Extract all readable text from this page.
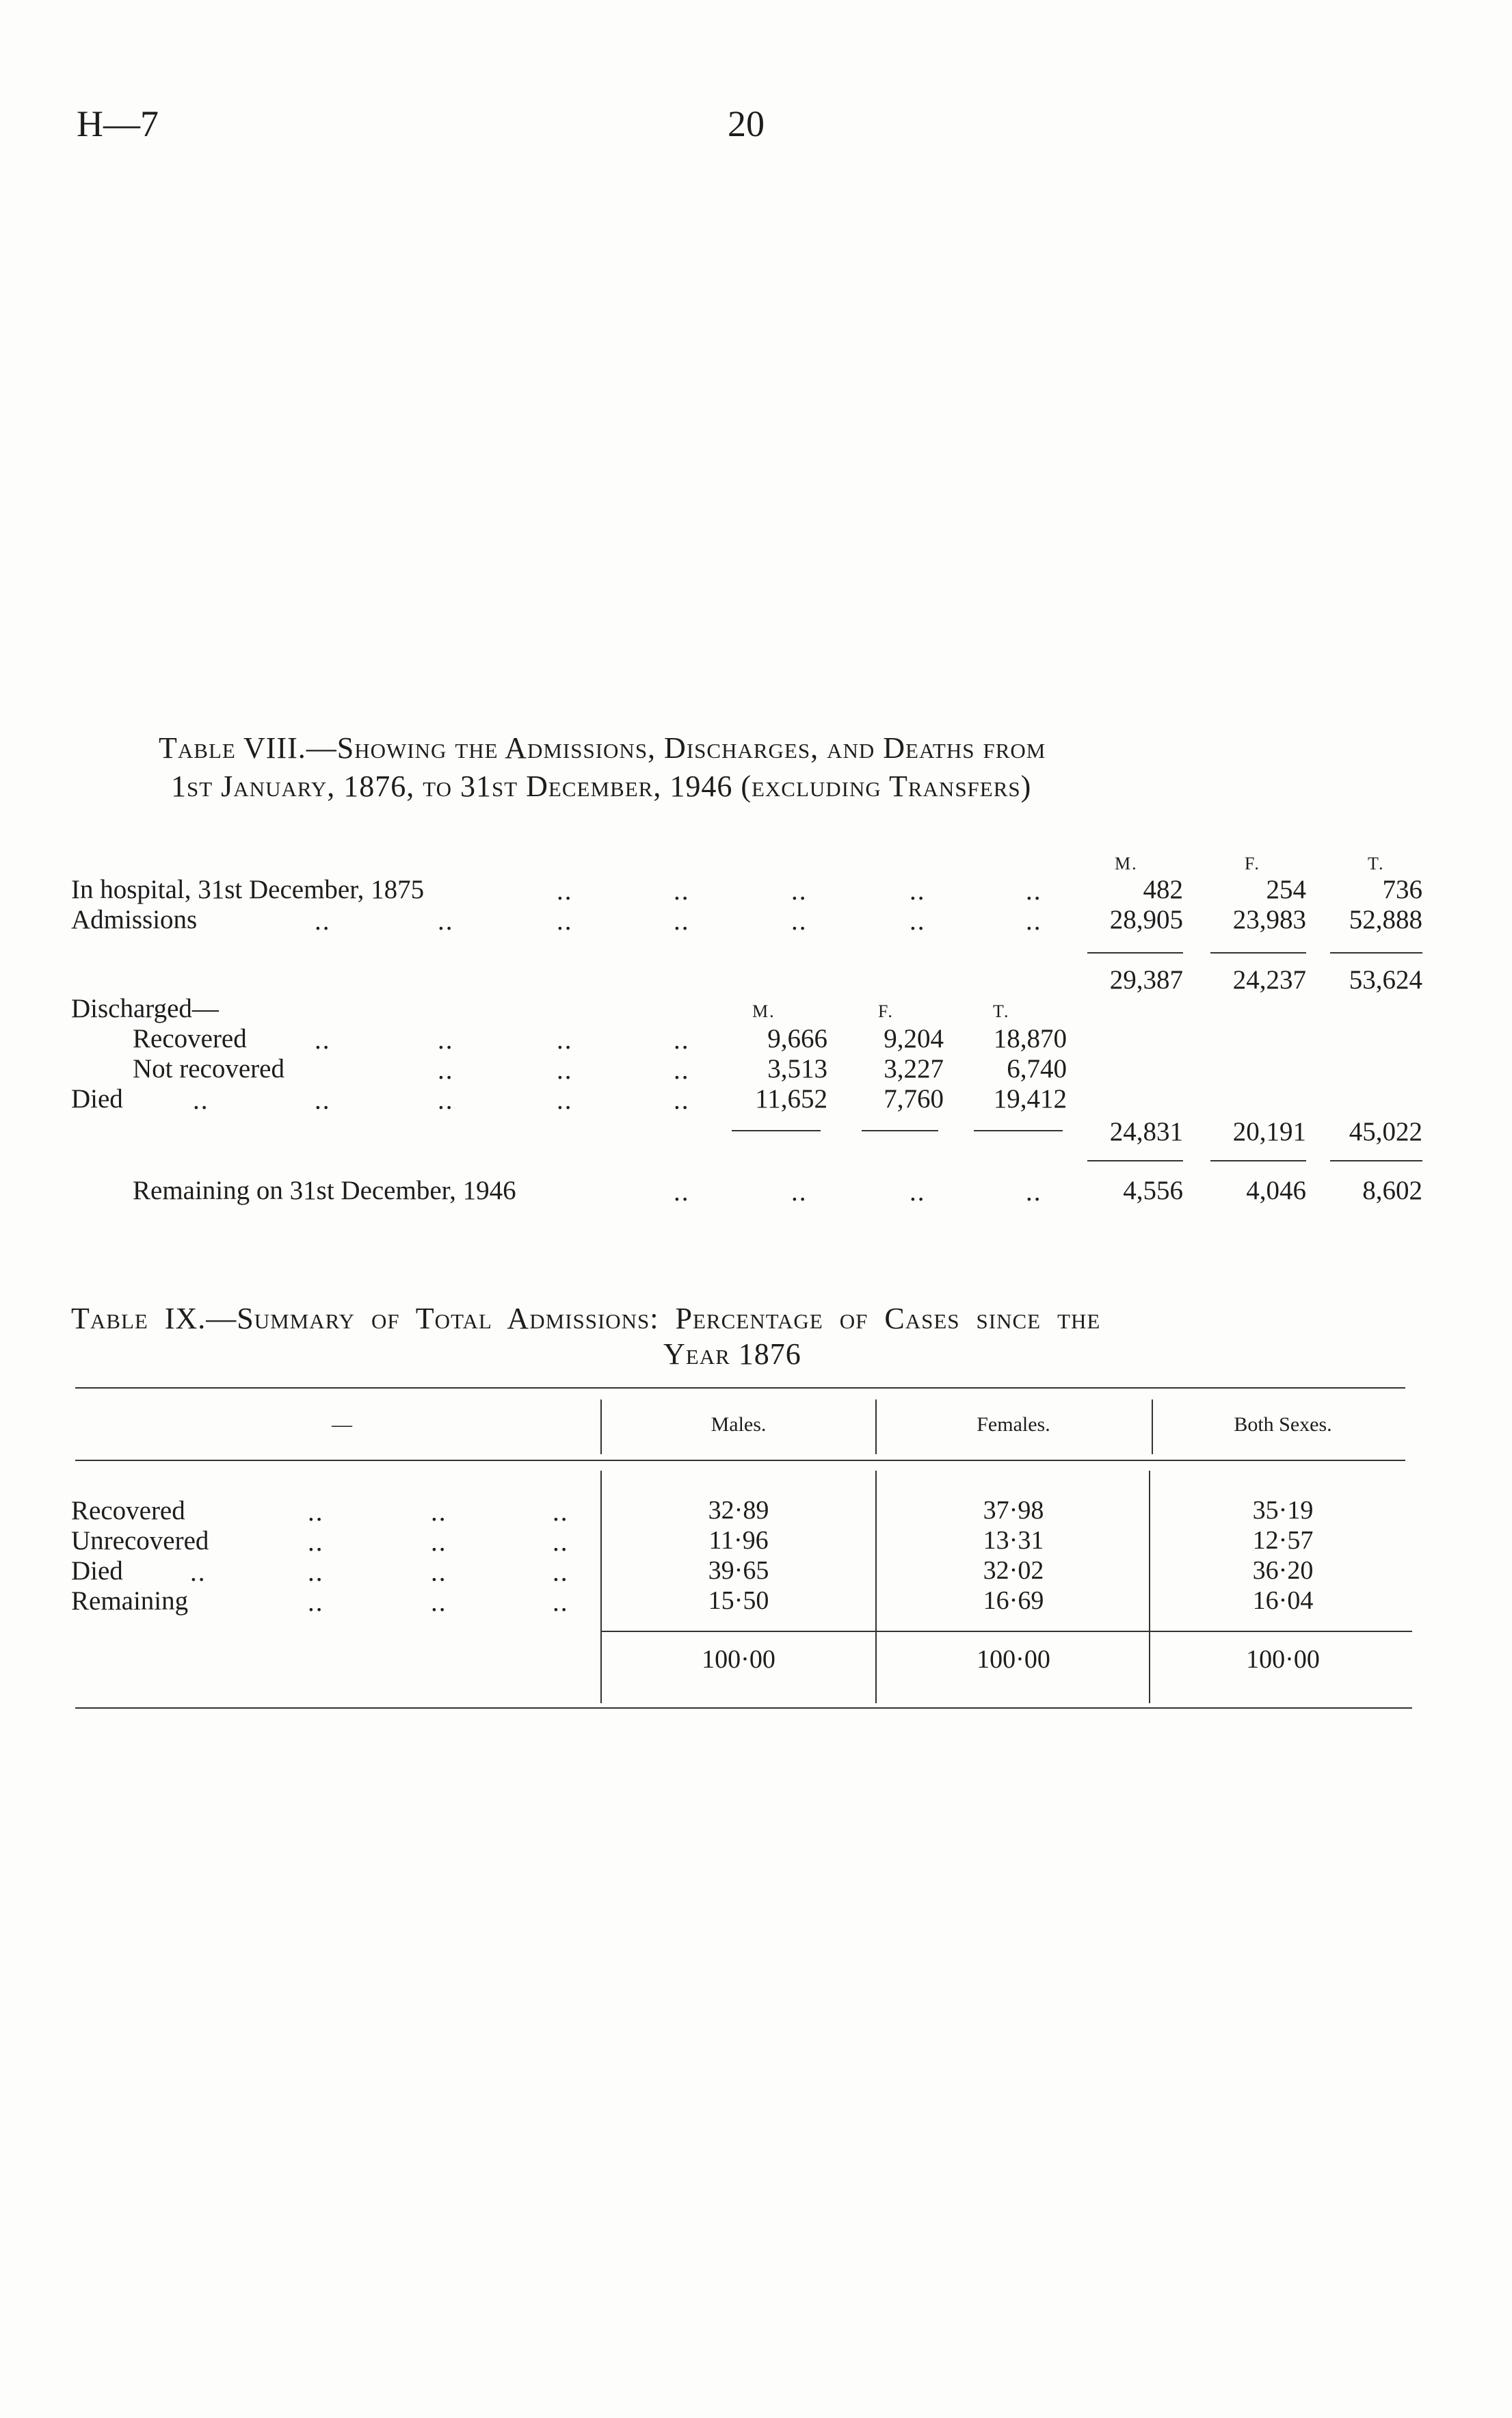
H—7	20
Table VIII.—Showing the Admissions, Discharges, and Deaths from
1st January, 1876, to 31st December, 1946 (excluding Transfers)
M.	F.	T.
In hospital, 31st December, 1875	..	..	..	..	..	482	254	736
Admissions	..	..	..	..	..	..	..	28,905	23,983	52,888
29,387	24,237	53,624
Discharged—	M.	F.	T.
Recovered	..	..	..	..	9,666	9,204	18,870
Not recovered	..	..	..	3,513	3,227	6,740
Died	..	..	..	..	..	11,652	7,760	19,412
24,831	20,191	45,022
Remaining on 31st December, 1946	..	..	..	..	4,556	4,046	8,602
Table IX.—Summary of Total Admissions: Percentage of Cases since the
Year 1876
—	Males.	Females.	Both Sexes.
Recovered	..	..	..	32·89	37·98	35·19
Unrecovered	..	..	..	11·96	13·31	12·57
Died	..	..	..	..	39·65	32·02	36·20
Remaining	..	..	..	15·50	16·69	16·04
100·00	100·00	100·00
